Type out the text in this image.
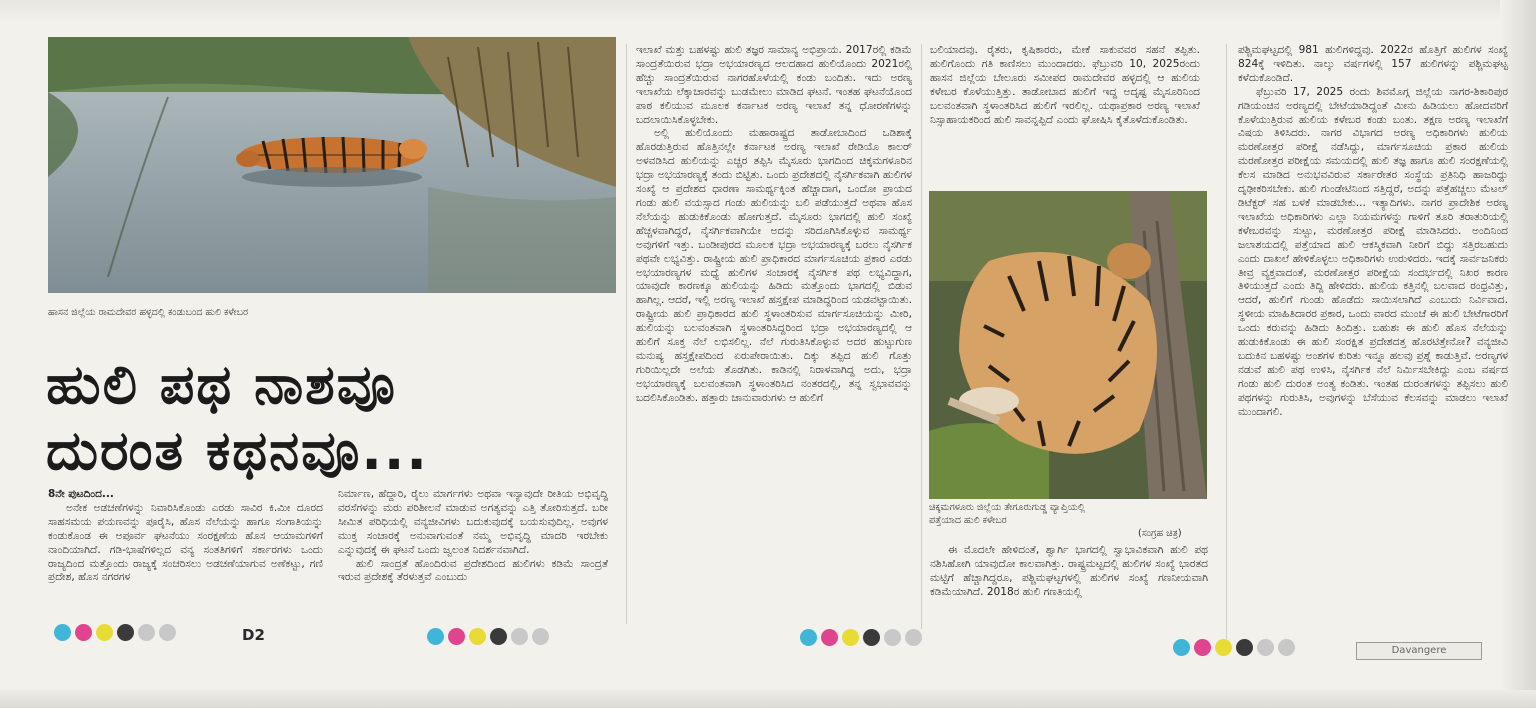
ಹಾಸನ ಜಿಲ್ಲೆಯ ರಾಮದೇವರ ಹಳ್ಳದಲ್ಲಿ ಕಂಡುಬಂದ ಹುಲಿ ಕಳೇಬರ
ಹುಲಿ ಪಥ ನಾಶವೂ
ದುರಂತ ಕಥನವೂ...

8ನೇ ಪುಟದಿಂದ...

ಅನೇಕ ಅಡಚಣೆಗಳನ್ನು ನಿವಾರಿಸಿಕೊಂಡು ಎರಡು ಸಾವಿರ ಕಿ.ಮೀ ದೂರದ ಸಾಹಸಮಯ ಪಯಣವನ್ನು ಪೂರೈಸಿ, ಹೊಸ ನೆಲೆಯನ್ನು ಹಾಗೂ ಸಂಗಾತಿಯನ್ನು ಕಂಡುಕೊಂಡ ಈ ಅಪೂರ್ವ ಘಟನೆಯು ಸಂರಕ್ಷಣೆಯ ಹೊಸ ಆಯಾಮಗಳಿಗೆ ನಾಂದಿಯಾಗಿದೆ. ಗಡಿ-ಭಾಷೆಗಳಿಲ್ಲದ ವನ್ಯ ಸಂತತಿಗಳಿಗೆ ಸರ್ಕಾರಗಳು ಒಂದು ರಾಜ್ಯದಿಂದ ಮತ್ತೊಂದು ರಾಜ್ಯಕ್ಕೆ ಸಂಚರಿಸಲು ಅಡಚಣೆಯಾಗುವ ಅಣೆಕಟ್ಟು, ಗಣಿ ಪ್ರದೇಶ, ಹೊಸ ನಗರಗಳ

ನಿರ್ಮಾಣ, ಹೆದ್ದಾರಿ, ರೈಲು ಮಾರ್ಗಗಳು ಅಥವಾ ಇನ್ಯಾವುದೇ ರೀತಿಯ ಅಭಿವೃದ್ಧಿ ವರಸೆಗಳನ್ನು ಮರು ಪರಿಶೀಲನೆ ಮಾಡುವ ಅಗತ್ಯವನ್ನು ಎತ್ತಿ ತೋರಿಸುತ್ತದೆ. ಬರೀ ಸೀಮಿತ ಪರಿಧಿಯಲ್ಲಿ ವನ್ಯಜೀವಿಗಳು ಬದುಕುವುದಕ್ಕೆ ಬಯಸುವುದಿಲ್ಲ. ಅವುಗಳ ಮುಕ್ತ ಸಂಚಾರಕ್ಕೆ ಅನುವಾಗುವಂತೆ ನಮ್ಮ ಅಭಿವೃದ್ಧಿ ಮಾದರಿ ಇರಬೇಕು ಎನ್ನುವುದಕ್ಕೆ ಈ ಘಟನೆ ಒಂದು ಜ್ವಲಂತ ನಿದರ್ಶನವಾಗಿದೆ.

ಹುಲಿ ಸಾಂದ್ರತೆ ಹೊಂದಿರುವ ಪ್ರದೇಶದಿಂದ ಹುಲಿಗಳು ಕಡಿಮೆ ಸಾಂದ್ರತೆ ಇರುವ ಪ್ರದೇಶಕ್ಕೆ ತೆರಳುತ್ತವೆ ಎಂಬುದು

ಇಲಾಖೆ ಮತ್ತು ಬಹಳಷ್ಟು ಹುಲಿ ತಜ್ಞರ ಸಾಮಾನ್ಯ ಅಭಿಪ್ರಾಯ. 2017ರಲ್ಲಿ ಕಡಿಮೆ ಸಾಂದ್ರತೆಯಿರುವ ಭದ್ರಾ ಅಭಯಾರಣ್ಯದ ಆಲದಹಾದ ಹುಲಿಯೊಂದು 2021ರಲ್ಲಿ ಹೆಚ್ಚು ಸಾಂದ್ರತೆಯಿರುವ ನಾಗರಹೊಳೆಯಲ್ಲಿ ಕಂಡು ಬಂದಿತು. ಇದು ಅರಣ್ಯ ಇಲಾಖೆಯ ಲೆಕ್ಕಾಚಾರವನ್ನು ಬುಡಮೇಲು ಮಾಡಿದ ಘಟನೆ. ಇಂತಹ ಘಟನೆಯೊಂದ ಪಾಠ ಕಲಿಯುವ ಮೂಲಕ ಕರ್ನಾಟಕ ಅರಣ್ಯ ಇಲಾಖೆ ತನ್ನ ಧೋರಣೆಗಳನ್ನು ಬದಲಾಯಿಸಿಕೊಳ್ಳಬೇಕು.

ಅಲ್ಲಿ ಹುಲಿಯೊಂದು ಮಹಾರಾಷ್ಟ್ರದ ತಾಡೋಬಾದಿಂದ ಒಡಿಶಾಕ್ಕೆ ಹೊರಡುತ್ತಿರುವ ಹೊತ್ತಿನಲ್ಲೇ ಕರ್ನಾಟಕ ಅರಣ್ಯ ಇಲಾಖೆ ರೇಡಿಯೊ ಕಾಲರ್ ಅಳವಡಿಸಿದ ಹುಲಿಯನ್ನು ಎಚ್ಚರ ತಪ್ಪಿಸಿ ಮೈಸೂರು ಭಾಗದಿಂದ ಚಿಕ್ಕಮಗಳೂರಿನ ಭದ್ರಾ ಅಭಯಾರಣ್ಯಕ್ಕೆ ತಂದು ಬಿಟ್ಟಿತು. ಒಂದು ಪ್ರದೇಶದಲ್ಲಿ ನೈಸರ್ಗಿಕವಾಗಿ ಹುಲಿಗಳ ಸಂಖ್ಯೆ ಆ ಪ್ರದೇಶದ ಧಾರಣಾ ಸಾಮರ್ಥ್ಯಕ್ಕಿಂತ ಹೆಚ್ಚಾದಾಗ, ಒಂದೋ ಪ್ರಾಯದ ಗಂಡು ಹುಲಿ ವಯಸ್ಸಾದ ಗಂಡು ಹುಲಿಯನ್ನು ಬಲಿ ಪಡೆಯುತ್ತದೆ ಅಥವಾ ಹೊಸ ನೆಲೆಯನ್ನು ಹುಡುಕಿಕೊಂಡು ಹೋಗುತ್ತದೆ. ಮೈಸೂರು ಭಾಗದಲ್ಲಿ ಹುಲಿ ಸಂಖ್ಯೆ ಹೆಚ್ಚಳವಾಗಿದ್ದರೆ, ನೈಸರ್ಗಿಕವಾಗಿಯೇ ಅದನ್ನು ಸರಿದೂಗಿಸಿಕೊಳ್ಳುವ ಸಾಮರ್ಥ್ಯ ಅವುಗಳಿಗೆ ಇತ್ತು. ಬಂಡೀಪುರದ ಮೂಲಕ ಭದ್ರಾ ಅಭಯಾರಣ್ಯಕ್ಕೆ ಬರಲು ನೈಸರ್ಗಿಕ ಪಥವೇ ಲಭ್ಯವಿತ್ತು. ರಾಷ್ಟ್ರೀಯ ಹುಲಿ ಪ್ರಾಧಿಕಾರದ ಮಾರ್ಗಸೂಚಿಯ ಪ್ರಕಾರ ಎರಡು ಅಭಯಾರಣ್ಯಗಳ ಮಧ್ಯೆ ಹುಲಿಗಳ ಸಂಚಾರಕ್ಕೆ ನೈಸರ್ಗಿಕ ಪಥ ಲಭ್ಯವಿದ್ದಾಗ, ಯಾವುದೇ ಕಾರಣಕ್ಕೂ ಹುಲಿಯನ್ನು ಹಿಡಿದು ಮತ್ತೊಂದು ಭಾಗದಲ್ಲಿ ಬಿಡುವ ಹಾಗಿಲ್ಲ. ಆದರೆ, ಇಲ್ಲಿ ಅರಣ್ಯ ಇಲಾಖೆ ಹಸ್ತಕ್ಷೇಪ ಮಾಡಿದ್ದರಿಂದ ಯಡವಟ್ಟಾಯಿತು. ರಾಷ್ಟ್ರೀಯ ಹುಲಿ ಪ್ರಾಧಿಕಾರದ ಹುಲಿ ಸ್ಥಳಾಂತರಿಸುವ ಮಾರ್ಗಸೂಚಿಯನ್ನು ಮೀರಿ, ಹುಲಿಯನ್ನು ಬಲವಂತವಾಗಿ ಸ್ಥಳಾಂತರಿಸಿದ್ದರಿಂದ ಭದ್ರಾ ಅಭಯಾರಣ್ಯದಲ್ಲಿ ಆ ಹುಲಿಗೆ ಸೂಕ್ತ ನೆಲೆ ಲಭಿಸಲಿಲ್ಲ. ನೆಲೆ ಗುರುತಿಸಿಕೊಳ್ಳುವ ಅದರ ಹುಟ್ಟುಗುಣ ಮನುಷ್ಯ ಹಸ್ತಕ್ಷೇಪದಿಂದ ಏರುಪೇರಾಯಿತು. ದಿಕ್ಕು ತಪ್ಪಿದ ಹುಲಿ ಗೊತ್ತು ಗುರಿಯಿಲ್ಲದೇ ಅಲೆಯ ತೊಡಗಿತು. ಕಾಡಿನಲ್ಲಿ ನಿರಾಳವಾಗಿದ್ದ ಅದು, ಭದ್ರಾ ಅಭಯಾರಣ್ಯಕ್ಕೆ ಬಲವಂತವಾಗಿ ಸ್ಥಳಾಂತರಿಸಿದ ನಂತರದಲ್ಲಿ, ತನ್ನ ಸ್ವಭಾವವನ್ನು ಬದಲಿಸಿಕೊಂಡಿತು. ಹತ್ತಾರು ಜಾನುವಾರುಗಳು ಆ ಹುಲಿಗೆ

ಬಲಿಯಾದವು. ರೈತರು, ಕೃಷಿಕಾರರು, ಮೇಕೆ ಸಾಕುವವರ ಸಹನೆ ತಪ್ಪಿತು. ಹುಲಿಗೊಂದು ಗತಿ ಕಾಣಿಸಲು ಮುಂದಾದರು. ಫೆಬ್ರುವರಿ 10, 2025ರಂದು ಹಾಸನ ಜಿಲ್ಲೆಯ ಬೇಲೂರು ಸಮೀಪದ ರಾಮದೇವರ ಹಳ್ಳದಲ್ಲಿ ಆ ಹುಲಿಯ ಕಳೇಬರ ಕೊಳೆಯುತ್ತಿತ್ತು. ತಾಡೋಬಾದ ಹುಲಿಗೆ ಇದ್ದ ಅದೃಷ್ಟ ಮೈಸೂರಿನಿಂದ ಬಲವಂತವಾಗಿ ಸ್ಥಳಾಂತರಿಸಿದ ಹುಲಿಗೆ ಇರಲಿಲ್ಲ. ಯಥಾಪ್ರಕಾರ ಅರಣ್ಯ ಇಲಾಖೆ ನಿಸ್ಸಾಹಾಯಕರಿಂದ ಹುಲಿ ಸಾವನ್ನಪ್ಪಿದೆ ಎಂದು ಘೋಷಿಸಿ ಕೈತೊಳೆದುಕೊಂಡಿತು.

ಚಿಕ್ಕಮಗಳೂರು ಜಿಲ್ಲೆಯ ತೇಗೂರುಗುಡ್ಡ ವ್ಯಾಪ್ತಿಯಲ್ಲಿ ಪತ್ತೆಯಾದ ಹುಲಿ ಕಳೇಬರ
(ಸಂಗ್ರಹ ಚಿತ್ರ)

ಈ ಮೊದಲೇ ಹೇಳಿದಂತೆ, ಶ್ವಾರ್ಗಿ ಭಾಗದಲ್ಲಿ ಸ್ವಾಭಾವಿಕವಾಗಿ ಹುಲಿ ಪಥ ನಶಿಸಿಹೋಗಿ ಯಾವುದೋ ಕಾಲವಾಗಿತ್ತು. ರಾಷ್ಟ್ರಮಟ್ಟದಲ್ಲಿ ಹುಲಿಗಳ ಸಂಖ್ಯೆ ಭಾರತದ ಮಟ್ಟಿಗೆ ಹೆಚ್ಚಾಗಿದ್ದರೂ, ಪಶ್ಚಿಮಘಟ್ಟಗಳಲ್ಲಿ ಹುಲಿಗಳ ಸಂಖ್ಯೆ ಗಣನೀಯವಾಗಿ ಕಡಿಮೆಯಾಗಿದೆ. 2018ರ ಹುಲಿ ಗಣತಿಯಲ್ಲಿ

ಪಶ್ಚಿಮಘಟ್ಟದಲ್ಲಿ 981 ಹುಲಿಗಳಿದ್ದವು. 2022ರ ಹೊತ್ತಿಗೆ ಹುಲಿಗಳ ಸಂಖ್ಯೆ 824ಕ್ಕೆ ಇಳಿದಿತು. ನಾಲ್ಕು ವರ್ಷಗಳಲ್ಲಿ 157 ಹುಲಿಗಳನ್ನು ಪಶ್ಚಿಮಘಟ್ಟ ಕಳೆದುಕೊಂಡಿದೆ.

ಫೆಬ್ರುವರಿ 17, 2025 ರಂದು ಶಿವಮೊಗ್ಗ ಜಿಲ್ಲೆಯ ನಾಗರ-ಶಿಕಾರಿಪುರ ಗಡಿಯಂಚಿನ ಅರಣ್ಯದಲ್ಲಿ ಬೇಟೆಯಾಡಿದ್ದಂತೆ ಮೀನು ಹಿಡಿಯಲು ಹೋದವರಿಗೆ ಕೊಳೆಯುತ್ತಿರುವ ಹುಲಿಯ ಕಳೇಬರ ಕಂಡು ಬಂತು. ತಕ್ಷಣ ಅರಣ್ಯ ಇಲಾಖೆಗೆ ವಿಷಯ ತಿಳಿಸಿದರು. ನಾಗರ ವಿಭಾಗದ ಅರಣ್ಯ ಅಧಿಕಾರಿಗಳು ಹುಲಿಯ ಮರಣೋತ್ತರ ಪರೀಕ್ಷೆ ನಡೆಸಿದ್ದು, ಮಾರ್ಗಸೂಚಿಯ ಪ್ರಕಾರ ಹುಲಿಯ ಮರಣೋತ್ತರ ಪರೀಕ್ಷೆಯ ಸಮಯದಲ್ಲಿ ಹುಲಿ ತಜ್ಞ ಹಾಗೂ ಹುಲಿ ಸಂರಕ್ಷಣೆಯಲ್ಲಿ ಕೆಲಸ ಮಾಡಿದ ಅನುಭವವಿರುವ ಸರ್ಕಾರೇತರ ಸಂಸ್ಥೆಯ ಪ್ರತಿನಿಧಿ ಹಾಜರಿದ್ದು ದೃಢೀಕರಿಸಬೇಕು. ಹುಲಿ ಗುಂಡೇಟಿನಿಂದ ಸತ್ತಿದ್ದರೆ, ಅದನ್ನು ಪತ್ತೆಹಚ್ಚಲು ಮೆಟಲ್ ಡಿಟೆಕ್ಟರ್ ಸಹ ಬಳಕೆ ಮಾಡಬೇಕು... ಇತ್ಯಾದಿಗಳು. ನಾಗರ ಪ್ರಾದೇಶಿಕ ಅರಣ್ಯ ಇಲಾಖೆಯ ಅಧಿಕಾರಿಗಳು ಎಲ್ಲಾ ನಿಯಮಗಳನ್ನು ಗಾಳಿಗೆ ತೂರಿ ತರಾತುರಿಯಲ್ಲಿ ಕಳೇಬರವನ್ನು ಸುಟ್ಟು, ಮರಣೋತ್ತರ ಪರೀಕ್ಷೆ ಮಾಡಿಸಿದರು. ಅಂದಿನಿಂದ ಜಲಾಶಯದಲ್ಲಿ ಪತ್ತೆಯಾದ ಹುಲಿ ಆಕಸ್ಮಿಕವಾಗಿ ನೀರಿಗೆ ಬಿದ್ದು ಸತ್ತಿರಬಹುದು ಎಂದು ದಾಖಲೆ ಹೇಳಿಕೊಳ್ಳಲು ಅಧಿಕಾರಿಗಳು ಉರುಳಿದರು. ಇದಕ್ಕೆ ಸಾರ್ವಜನಿಕರು ತೀವ್ರ ವ್ಯಕ್ತವಾದಂತೆ, ಮರಣೋತ್ತರ ಪರೀಕ್ಷೆಯ ಸಂದರ್ಭದಲ್ಲಿ ನಿಖರ ಕಾರಣ ತಿಳಿಯುತ್ತದೆ ಎಂದು ತಿದ್ದಿ ಹೇಳಿದರು. ಹುಲಿಯ ಕತ್ತಿನಲ್ಲಿ ಬಲವಾದ ರಂಧ್ರವಿತ್ತು, ಆದರೆ, ಹುಲಿಗೆ ಗುಂಡು ಹೊಡೆದು ಸಾಯಿಸಲಾಗಿದೆ ಎಂಬುದು ನಿರ್ವಿವಾದ. ಸ್ಥಳೀಯ ಮಾಹಿತಿದಾರರ ಪ್ರಕಾರ, ಒಂದು ವಾರದ ಮುಂಚೆ ಈ ಹುಲಿ ಬೇಟೆಗಾರರಿಗೆ ಒಂದು ಕರುವನ್ನು ಹಿಡಿದು ತಿಂದಿತ್ತು. ಬಹುಶಃ ಈ ಹುಲಿ ಹೊಸ ನೆಲೆಯನ್ನು ಹುಡುಕಿಕೊಂಡು ಈ ಹುಲಿ ಸಂರಕ್ಷಿತ ಪ್ರದೇಶದತ್ತ ಹೊರಟಿತ್ತೇನೋ? ವನ್ಯಜೀವಿ ಬದುಕಿನ ಬಹಳಷ್ಟು ಅಂಶಗಳ ಕುರಿತು ಇನ್ನೂ ಹಲವು ಪ್ರಶ್ನೆ ಕಾಡುತ್ತಿವೆ. ಅರಣ್ಯಗಳ ನಡುವೆ ಹುಲಿ ಪಥ ಉಳಿಸಿ, ನೈಸರ್ಗಿಕ ನೆಲೆ ನಿರ್ಮಿಸಬೇಕಿದ್ದು ಎಂಬ ವರ್ಷದ ಗಂಡು ಹುಲಿ ದುರಂತ ಅಂತ್ಯ ಕಂಡಿತು. ಇಂತಹ ದುರಂತಗಳನ್ನು ತಪ್ಪಿಸಲು ಹುಲಿ ಪಥಗಳನ್ನು ಗುರುತಿಸಿ, ಅವುಗಳನ್ನು ಬೆಸೆಯುವ ಕೆಲಸವನ್ನು ಮಾಡಲು ಇಲಾಖೆ ಮುಂದಾಗಲಿ.

D2
Davangere
